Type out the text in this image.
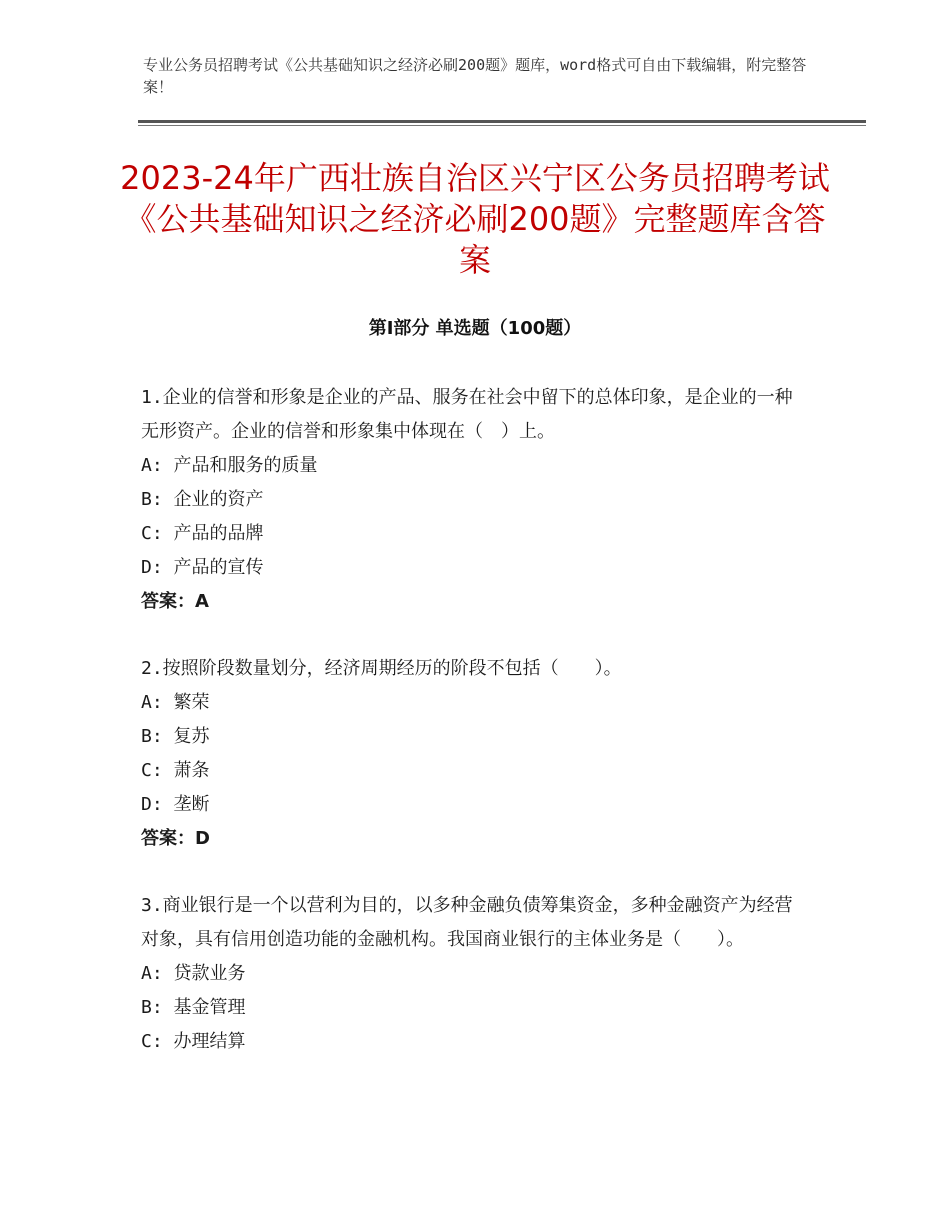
专业公务员招聘考试《公共基础知识之经济必刷200题》题库，word格式可自由下载编辑，附完整答案！
2023-24年广西壮族自治区兴宁区公务员招聘考试《公共基础知识之经济必刷200题》完整题库含答案
第Ⅰ部分 单选题（100题）
1.企业的信誉和形象是企业的产品、服务在社会中留下的总体印象，是企业的一种无形资产。企业的信誉和形象集中体现在（　）上。
A: 产品和服务的质量
B: 企业的资产
C: 产品的品牌
D: 产品的宣传
答案：A
2.按照阶段数量划分，经济周期经历的阶段不包括（　　）。
A: 繁荣
B: 复苏
C: 萧条
D: 垄断
答案：D
3.商业银行是一个以营利为目的，以多种金融负债筹集资金，多种金融资产为经营对象，具有信用创造功能的金融机构。我国商业银行的主体业务是（　　）。
A: 贷款业务
B: 基金管理
C: 办理结算
